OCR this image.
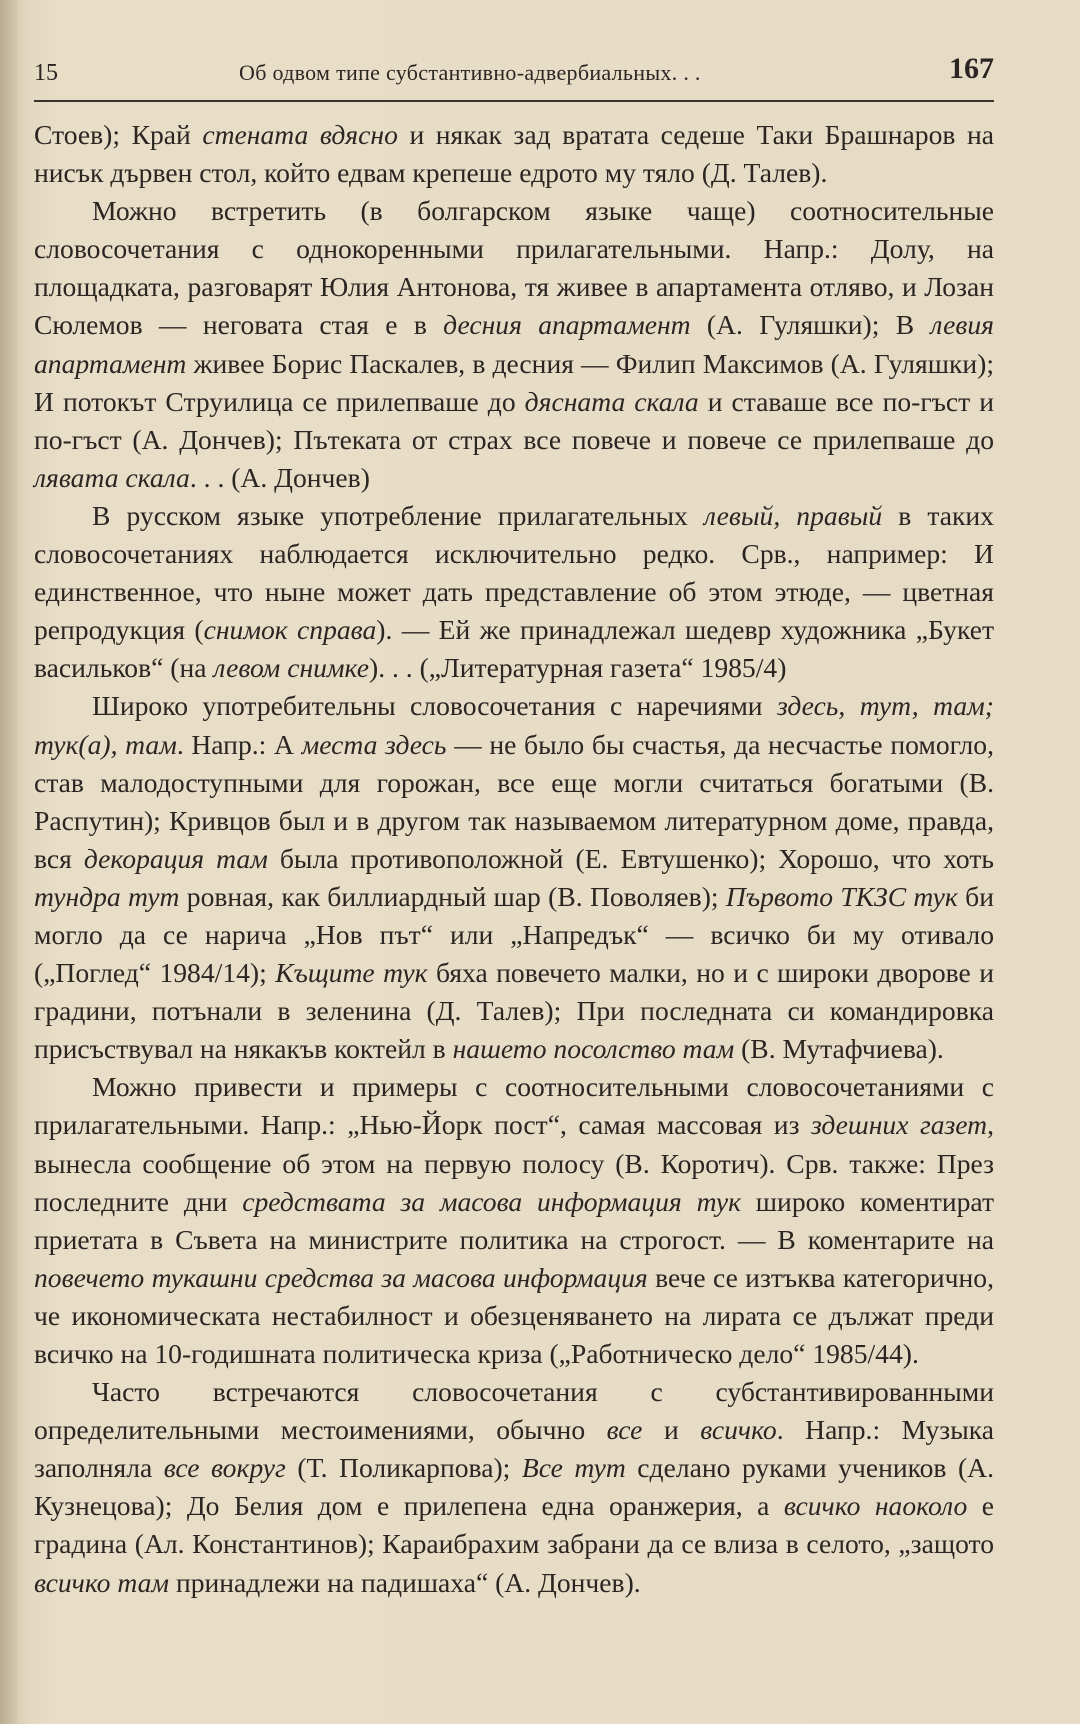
15	Об одвом типе субстантивно-адвербиальных. . .	167

Стоев); Край стената вдясно и някак зад вратата седеше Таки Брашнаров на нисък дървен стол, който едвам крепеше едрото му тяло (Д. Талев).

Можно встретить (в болгарском языке чаще) соотносительные словосочетания с однокоренными прилагательными. Напр.: Долу, на площадката, разговарят Юлия Антонова, тя живее в апартамента отляво, и Лозан Сюлемов — неговата стая е в десния апартамент (А. Гуляшки); В левия апартамент живее Борис Паскалев, в десния — Филип Максимов (А. Гуляшки); И потокът Струилица се прилепваше до дясната скала и ставаше все по-гъст и по-гъст (А. Дончев); Пътеката от страх все повече и повече се прилепваше до лявата скала. . . (А. Дончев)

В русском языке употребление прилагательных левый, правый в таких словосочетаниях наблюдается исключительно редко. Срв., например: И единственное, что ныне может дать представление об этом этюде, — цветная репродукция (снимок справа). — Ей же принадлежал шедевр художника „Букет васильков“ (на левом снимке). . . („Литературная газета“ 1985/4)

Широко употребительны словосочетания с наречиями здесь, тут, там; тук(а), там. Напр.: А места здесь — не было бы счастья, да несчастье помогло, став малодоступными для горожан, все еще могли считаться богатыми (В. Распутин); Кривцов был и в другом так называемом литературном доме, правда, вся декорация там была противоположной (Е. Евтушенко); Хорошо, что хоть тундра тут ровная, как биллиардный шар (В. Поволяев); Първото ТКЗС тук би могло да се нарича „Нов път“ или „Напредък“ — всичко би му отивало („Поглед“ 1984/14); Къщите тук бяха повечето малки, но и с широки дворове и градини, потънали в зеленина (Д. Талев); При последната си командировка присъствувал на някакъв коктейл в нашето посолство там (В. Мутафчиева).

Можно привести и примеры с соотносительными словосочетаниями с прилагательными. Напр.: „Нью-Йорк пост“, самая массовая из здешних газет, вынесла сообщение об этом на первую полосу (В. Коротич). Срв. также: През последните дни средствата за масова информация тук широко коментират приетата в Съвета на министрите политика на строгост. — В коментарите на повечето тукашни средства за масова информация вече се изтъква категорично, че икономическата нестабилност и обезценяването на лирата се дължат преди всичко на 10-годишната политическа криза („Работническо дело“ 1985/44).

Часто встречаются словосочетания с субстантивированными определительными местоимениями, обычно все и всичко. Напр.: Музыка заполняла все вокруг (Т. Поликарпова); Все тут сделано руками учеников (А. Кузнецова); До Белия дом е прилепена една оранжерия, а всичко наоколо е градина (Ал. Константинов); Караибрахим забрани да се влиза в селото, „защото всичко там принадлежи на падишаха“ (А. Дончев).
